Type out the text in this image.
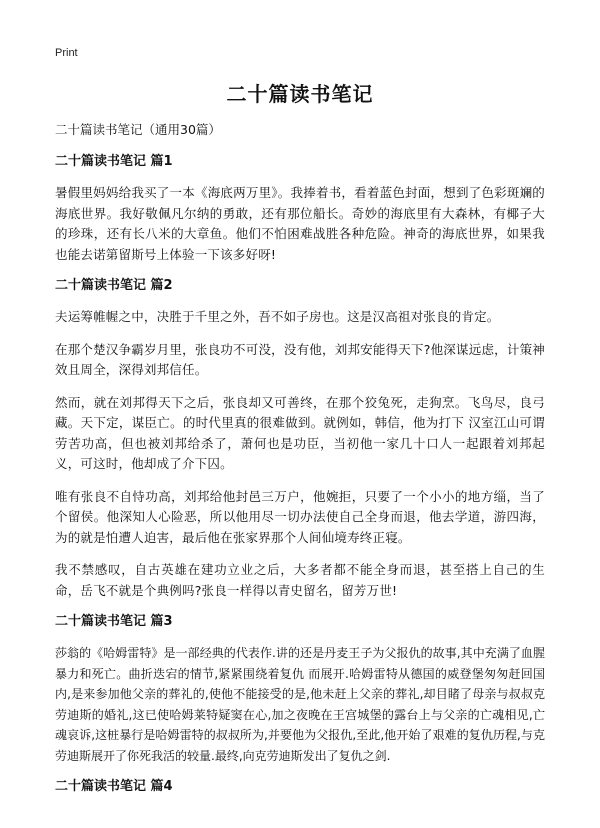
Print
二十篇读书笔记

二十篇读书笔记（通用30篇）

二十篇读书笔记 篇1

暑假里妈妈给我买了一本《海底两万里》。我捧着书，看着蓝色封面，想到了色彩斑斓的海底世界。我好敬佩凡尔纳的勇敢，还有那位船长。奇妙的海底里有大森林，有椰子大的珍珠，还有长八米的大章鱼。他们不怕困难战胜各种危险。神奇的海底世界，如果我也能去诺第留斯号上体验一下该多好呀!

二十篇读书笔记 篇2

夫运筹帷幄之中，决胜于千里之外，吾不如子房也。这是汉高祖对张良的肯定。

在那个楚汉争霸岁月里，张良功不可没，没有他，刘邦安能得天下?他深谋远虑，计策神效且周全，深得刘邦信任。

然而，就在刘邦得天下之后，张良却又可善终，在那个狡兔死，走狗烹。飞鸟尽，良弓藏。天下定，谋臣亡。的时代里真的很难做到。就例如，韩信，他为打下 汉室江山可谓劳苦功高，但也被刘邦给杀了，萧何也是功臣，当初他一家几十口人一起跟着刘邦起义，可这时，他却成了介下囚。

唯有张良不自恃功高，刘邦给他封邑三万户，他婉拒，只要了一个小小的地方缁，当了个留侯。他深知人心险恶，所以他用尽一切办法使自己全身而退，他去学道，游四海，为的就是怕遭人迫害，最后他在张家界那个人间仙境寿终正寝。

我不禁感叹，自古英雄在建功立业之后，大多者都不能全身而退，甚至搭上自己的生命，岳飞不就是个典例吗?张良一样得以青史留名，留芳万世!

二十篇读书笔记 篇3

莎翁的《哈姆雷特》是一部经典的代表作.讲的还是丹麦王子为父报仇的故事,其中充满了血腥暴力和死亡。曲折迭宕的情节,紧紧围绕着复仇 而展开.哈姆雷特从德国的威登堡匆匆赶回国内,是来参加他父亲的葬礼的,使他不能接受的是,他未赶上父亲的葬礼,却目睹了母亲与叔叔克劳迪斯的婚礼,这已使哈姆莱特疑窦在心,加之夜晚在王宫城堡的露台上与父亲的亡魂相见,亡魂哀诉,这桩暴行是哈姆雷特的叔叔所为,并要他为父报仇,至此,他开始了艰难的复仇历程,与克劳迪斯展开了你死我活的较量.最终,向克劳迪斯发出了复仇之剑.

二十篇读书笔记 篇4
